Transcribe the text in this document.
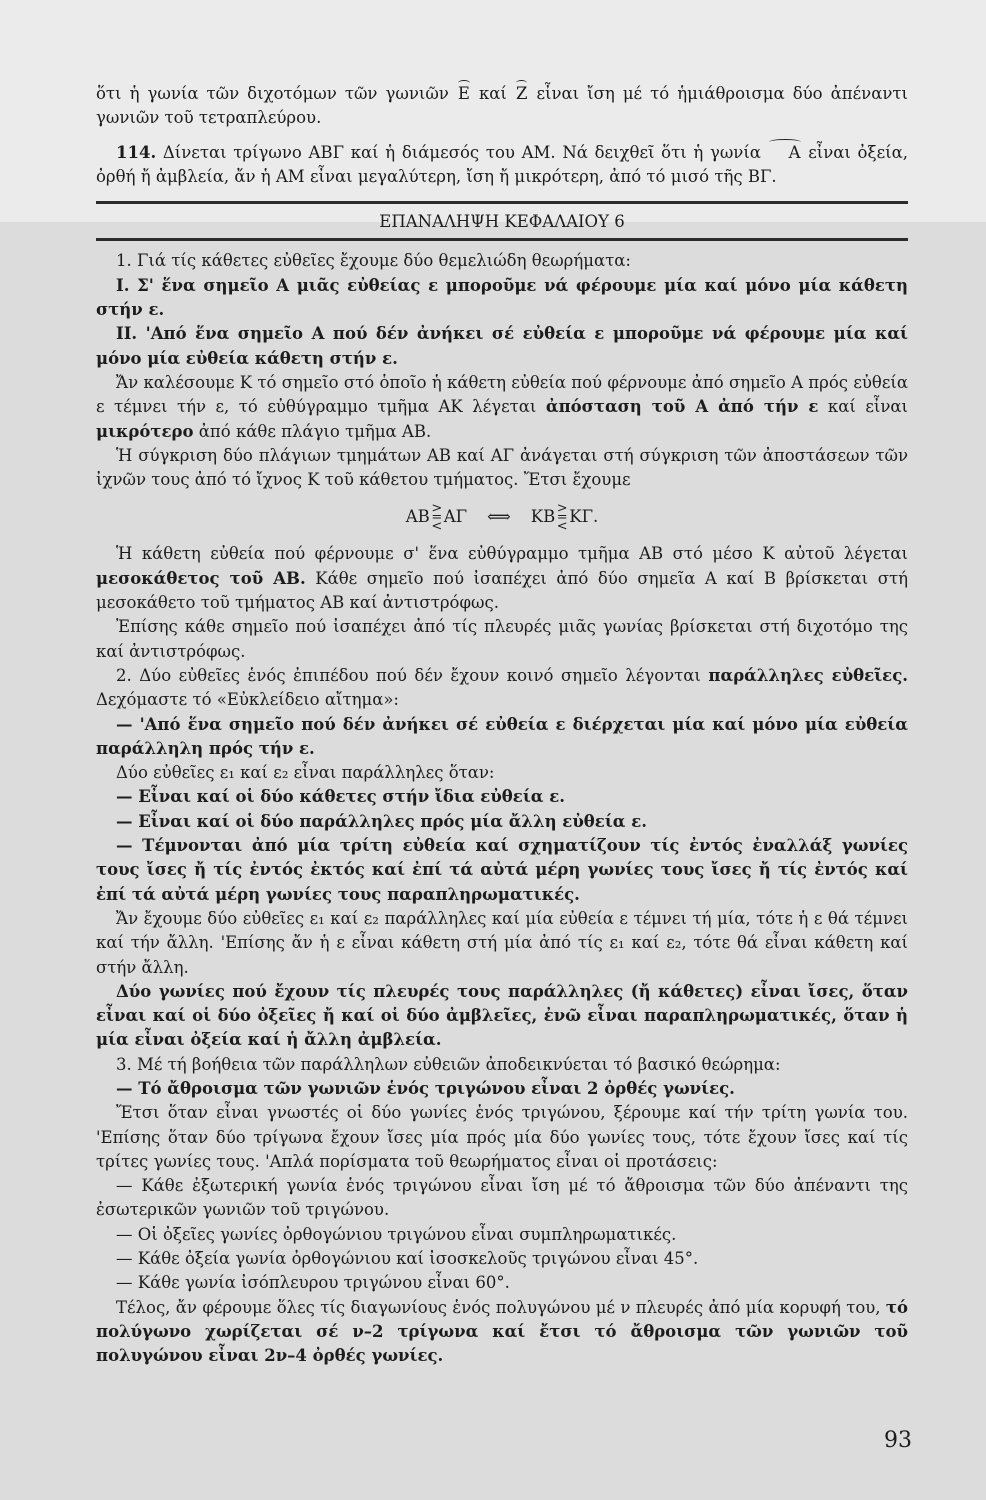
ὅτι ἡ γωνία τῶν διχοτόμων τῶν γωνιῶν E καί Z εἶναι ἴση μέ τό ἡμιάθροισμα δύο ἀπέναντι γωνιῶν τοῦ τετραπλεύρου.

114. Δίνεται τρίγωνο ΑΒΓ καί ἡ διάμεσός του ΑΜ. Νά δειχθεῖ ὅτι ἡ γωνία A εἶναι ὀξεία, ὀρθή ἤ ἀμβλεία, ἄν ἡ ΑΜ εἶναι μεγαλύτερη, ἴση ἤ μικρότερη, ἀπό τό μισό τῆς ΒΓ.

ΕΠΑΝΑΛΗΨΗ ΚΕΦΑΛΑΙΟΥ 6

1. Γιά τίς κάθετες εὐθεῖες ἔχουμε δύο θεμελιώδη θεωρήματα:

I. Σ' ἕνα σημεῖο Α μιᾶς εὐθείας ε μποροῦμε νά φέρουμε μία καί μόνο μία κάθετη στήν ε.

II. 'Από ἕνα σημεῖο Α πού δέν ἀνήκει σέ εὐθεία ε μποροῦμε νά φέρουμε μία καί μόνο μία εὐθεία κάθετη στήν ε.

Ἄν καλέσουμε Κ τό σημεῖο στό ὁποῖο ἡ κάθετη εὐθεία πού φέρνουμε ἀπό σημεῖο Α πρός εὐθεία ε τέμνει τήν ε, τό εὐθύγραμμο τμῆμα ΑΚ λέγεται ἀπόσταση τοῦ Α ἀπό τήν ε καί εἶναι μικρότερο ἀπό κάθε πλάγιο τμῆμα ΑΒ.

Ἡ σύγκριση δύο πλάγιων τμημάτων ΑΒ καί ΑΓ ἀνάγεται στή σύγκριση τῶν ἀποστάσεων τῶν ἰχνῶν τους ἀπό τό ἴχνος Κ τοῦ κάθετου τμήματος. Ἔτσι ἔχουμε

ΑΒ > = <ΑΓ ⟺ ΚΒ > = <ΚΓ.

Ἡ κάθετη εὐθεία πού φέρνουμε σ' ἕνα εὐθύγραμμο τμῆμα ΑΒ στό μέσο Κ αὐτοῦ λέγεται μεσοκάθετος τοῦ ΑΒ. Κάθε σημεῖο πού ἰσαπέχει ἀπό δύο σημεῖα Α καί Β βρίσκεται στή μεσοκάθετο τοῦ τμήματος ΑΒ καί ἀντιστρόφως.

Ἐπίσης κάθε σημεῖο πού ἰσαπέχει ἀπό τίς πλευρές μιᾶς γωνίας βρίσκεται στή διχοτόμο της καί ἀντιστρόφως.

2. Δύο εὐθεῖες ἑνός ἐπιπέδου πού δέν ἔχουν κοινό σημεῖο λέγονται παράλληλες εὐθεῖες. Δεχόμαστε τό «Εὐκλείδειο αἴτημα»:

— 'Από ἕνα σημεῖο πού δέν ἀνήκει σέ εὐθεία ε διέρχεται μία καί μόνο μία εὐθεία παράλληλη πρός τήν ε.

Δύο εὐθεῖες ε₁ καί ε₂ εἶναι παράλληλες ὅταν:

— Εἶναι καί οἱ δύο κάθετες στήν ἴδια εὐθεία ε.

— Εἶναι καί οἱ δύο παράλληλες πρός μία ἄλλη εὐθεία ε.

— Τέμνονται ἀπό μία τρίτη εὐθεία καί σχηματίζουν τίς ἐντός ἐναλλάξ γωνίες τους ἴσες ἤ τίς ἐντός ἐκτός καί ἐπί τά αὐτά μέρη γωνίες τους ἴσες ἤ τίς ἐντός καί ἐπί τά αὐτά μέρη γωνίες τους παραπληρωματικές.

Ἄν ἔχουμε δύο εὐθεῖες ε₁ καί ε₂ παράλληλες καί μία εὐθεία ε τέμνει τή μία, τότε ἡ ε θά τέμνει καί τήν ἄλλη. 'Επίσης ἄν ἡ ε εἶναι κάθετη στή μία ἀπό τίς ε₁ καί ε₂, τότε θά εἶναι κάθετη καί στήν ἄλλη.

Δύο γωνίες πού ἔχουν τίς πλευρές τους παράλληλες (ἤ κάθετες) εἶναι ἴσες, ὅταν εἶναι καί οἱ δύο ὀξεῖες ἤ καί οἱ δύο ἀμβλεῖες, ἐνῶ εἶναι παραπληρωματικές, ὅταν ἡ μία εἶναι ὀξεία καί ἡ ἄλλη ἀμβλεία.

3. Μέ τή βοήθεια τῶν παράλληλων εὐθειῶν ἀποδεικνύεται τό βασικό θεώρημα:

— Τό ἄθροισμα τῶν γωνιῶν ἑνός τριγώνου εἶναι 2 ὀρθές γωνίες.

Ἔτσι ὅταν εἶναι γνωστές οἱ δύο γωνίες ἑνός τριγώνου, ξέρουμε καί τήν τρίτη γωνία του. 'Επίσης ὅταν δύο τρίγωνα ἔχουν ἴσες μία πρός μία δύο γωνίες τους, τότε ἔχουν ἴσες καί τίς τρίτες γωνίες τους. 'Απλά πορίσματα τοῦ θεωρήματος εἶναι οἱ προτάσεις:

— Κάθε ἐξωτερική γωνία ἑνός τριγώνου εἶναι ἴση μέ τό ἄθροισμα τῶν δύο ἀπέναντι της ἐσωτερικῶν γωνιῶν τοῦ τριγώνου.

— Οἱ ὀξεῖες γωνίες ὀρθογώνιου τριγώνου εἶναι συμπληρωματικές.

— Κάθε ὀξεία γωνία ὀρθογώνιου καί ἰσοσκελοῦς τριγώνου εἶναι 45°.

— Κάθε γωνία ἰσόπλευρου τριγώνου εἶναι 60°.

Τέλος, ἄν φέρουμε ὅλες τίς διαγωνίους ἑνός πολυγώνου μέ ν πλευρές ἀπό μία κορυφή του, τό πολύγωνο χωρίζεται σέ ν–2 τρίγωνα καί ἔτσι τό ἄθροισμα τῶν γωνιῶν τοῦ πολυγώνου εἶναι 2ν–4 ὀρθές γωνίες.

93
